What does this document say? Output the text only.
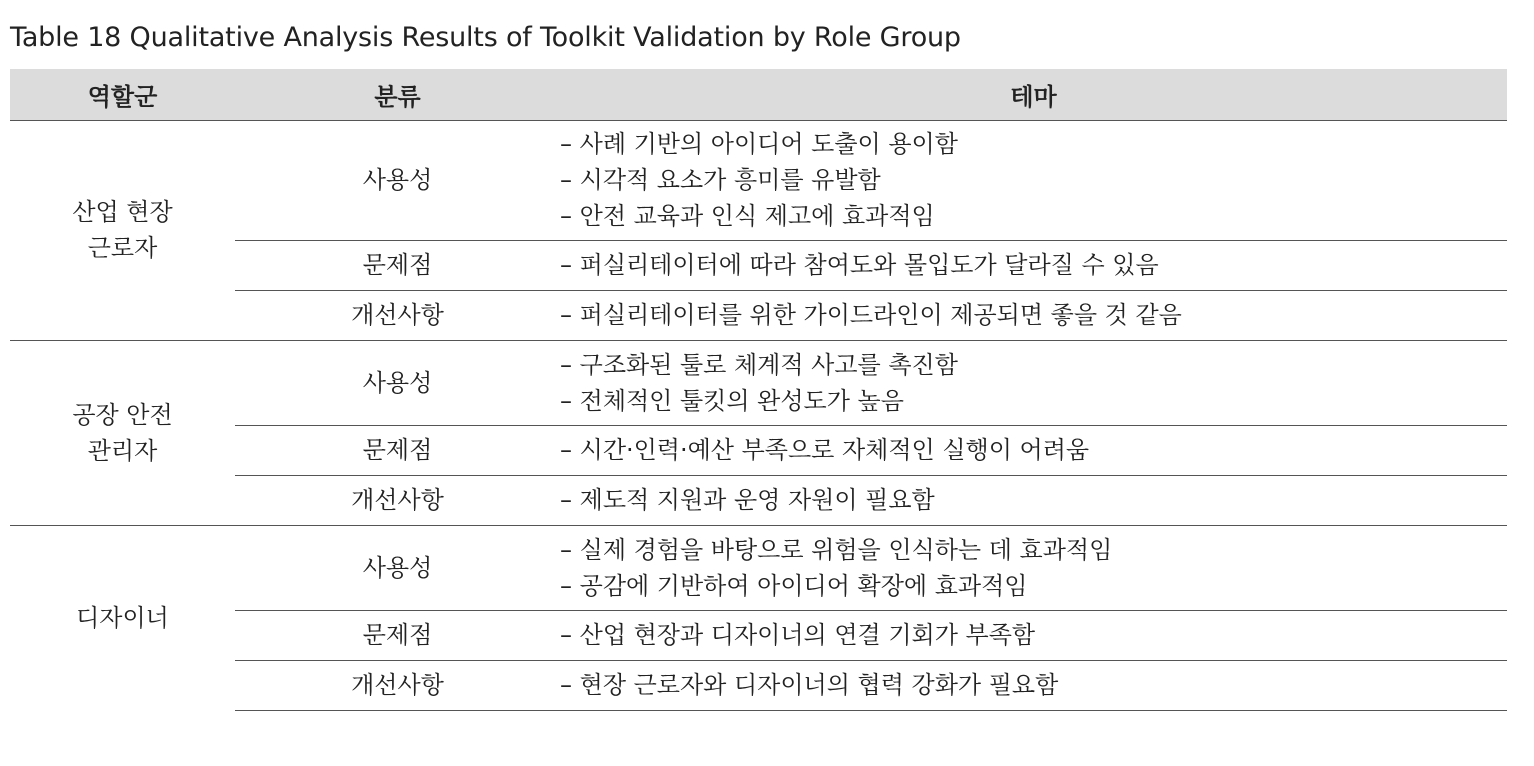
Table 18 Qualitative Analysis Results of Toolkit Validation by Role Group
역할군	분류	테마
산업 현장
근로자	사용성	– 사례 기반의 아이디어 도출이 용이함
– 시각적 요소가 흥미를 유발함
– 안전 교육과 인식 제고에 효과적임

	문제점	– 퍼실리테이터에 따라 참여도와 몰입도가 달라질 수 있음

	개선사항	– 퍼실리테이터를 위한 가이드라인이 제공되면 좋을 것 같음

공장 안전
관리자	사용성	– 구조화된 툴로 체계적 사고를 촉진함
– 전체적인 툴킷의 완성도가 높음

	문제점	– 시간·인력·예산 부족으로 자체적인 실행이 어려움

	개선사항	– 제도적 지원과 운영 자원이 필요함

디자이너	사용성	– 실제 경험을 바탕으로 위험을 인식하는 데 효과적임
– 공감에 기반하여 아이디어 확장에 효과적임

	문제점	– 산업 현장과 디자이너의 연결 기회가 부족함

	개선사항	– 현장 근로자와 디자이너의 협력 강화가 필요함
